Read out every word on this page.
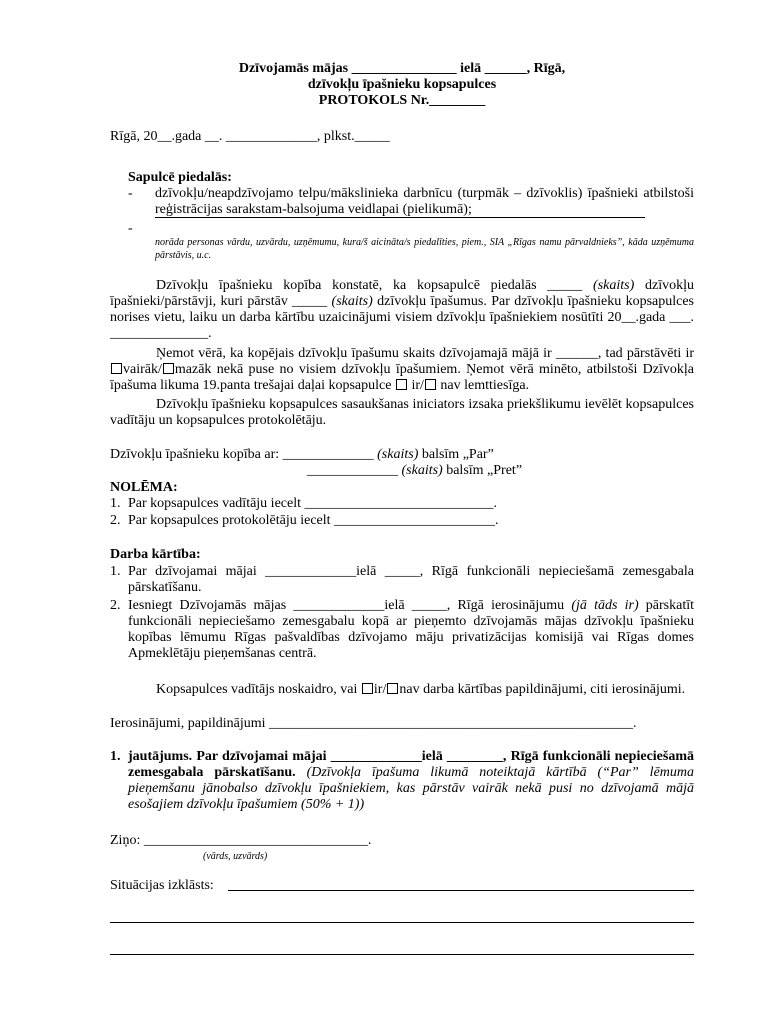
Dzīvojamās mājas _______________ ielā ______, Rīgā,
dzīvokļu īpašnieku kopsapulces
PROTOKOLS Nr.________
Rīgā, 20__.gada __. _____________, plkst._____
Sapulcē piedalās:
- dzīvokļu/neapdzīvojamo telpu/mākslinieka darbnīcu (turpmāk – dzīvoklis) īpašnieki atbilstoši reģistrācijas sarakstam-balsojuma veidlapai (pielikumā);
-
norāda personas vārdu, uzvārdu, uzņēmumu, kura/š aicināta/s piedalīties, piem., SIA „Rīgas namu pārvaldnieks”, kāda uzņēmuma pārstāvis, u.c.
Dzīvokļu īpašnieku kopība konstatē, ka kopsapulcē piedalās _____ (skaits) dzīvokļu īpašnieki/pārstāvji, kuri pārstāv _____ (skaits) dzīvokļu īpašumus. Par dzīvokļu īpašnieku kopsapulces norises vietu, laiku un darba kārtību uzaicinājumi visiem dzīvokļu īpašniekiem nosūtīti 20__.gada ___. ______________.
Ņemot vērā, ka kopējais dzīvokļu īpašumu skaits dzīvojamajā mājā ir ______, tad pārstāvēti ir vairāk/ mazāk nekā puse no visiem dzīvokļu īpašumiem. Ņemot vērā minēto, atbilstoši Dzīvokļa īpašuma likuma 19.panta trešajai daļai kopsapulce  ir/ nav lemttiesīga.
Dzīvokļu īpašnieku kopsapulces sasaukšanas iniciators izsaka priekšlikumu ievēlēt kopsapulces vadītāju un kopsapulces protokolētāju.
Dzīvokļu īpašnieku kopība ar: _____________ (skaits) balsīm „Par”
_____________ (skaits) balsīm „Pret”
NOLĒMA:
1. Par kopsapulces vadītāju iecelt ___________________________.
2. Par kopsapulces protokolētāju iecelt _______________________.
Darba kārtība:
1. Par dzīvojamai mājai _____________ielā _____, Rīgā funkcionāli nepieciešamā zemesgabala pārskatīšanu.
2. Iesniegt Dzīvojamās mājas _____________ielā _____, Rīgā ierosinājumu (jā tāds ir) pārskatīt funkcionāli nepieciešamo zemesgabalu kopā ar pieņemto dzīvojamās mājas dzīvokļu īpašnieku kopības lēmumu Rīgas pašvaldības dzīvojamo māju privatizācijas komisijā vai Rīgas domes Apmeklētāju pieņemšanas centrā.
Kopsapulces vadītājs noskaidro, vai ir/ nav darba kārtības papildinājumi, citi ierosinājumi.
Ierosinājumi, papildinājumi ____________________________________________________.
1. jautājums. Par dzīvojamai mājai _____________ielā ________, Rīgā funkcionāli nepieciešamā zemesgabala pārskatīšanu. (Dzīvokļa īpašuma likumā noteiktajā kārtībā (“Par” lēmuma pieņemšanu jānobalso dzīvokļu īpašniekiem, kas pārstāv vairāk nekā pusi no dzīvojamā mājā esošajiem dzīvokļu īpašumiem (50% + 1))
Ziņo: ________________________________.
(vārds, uzvārds)
Situācijas izklāsts:
